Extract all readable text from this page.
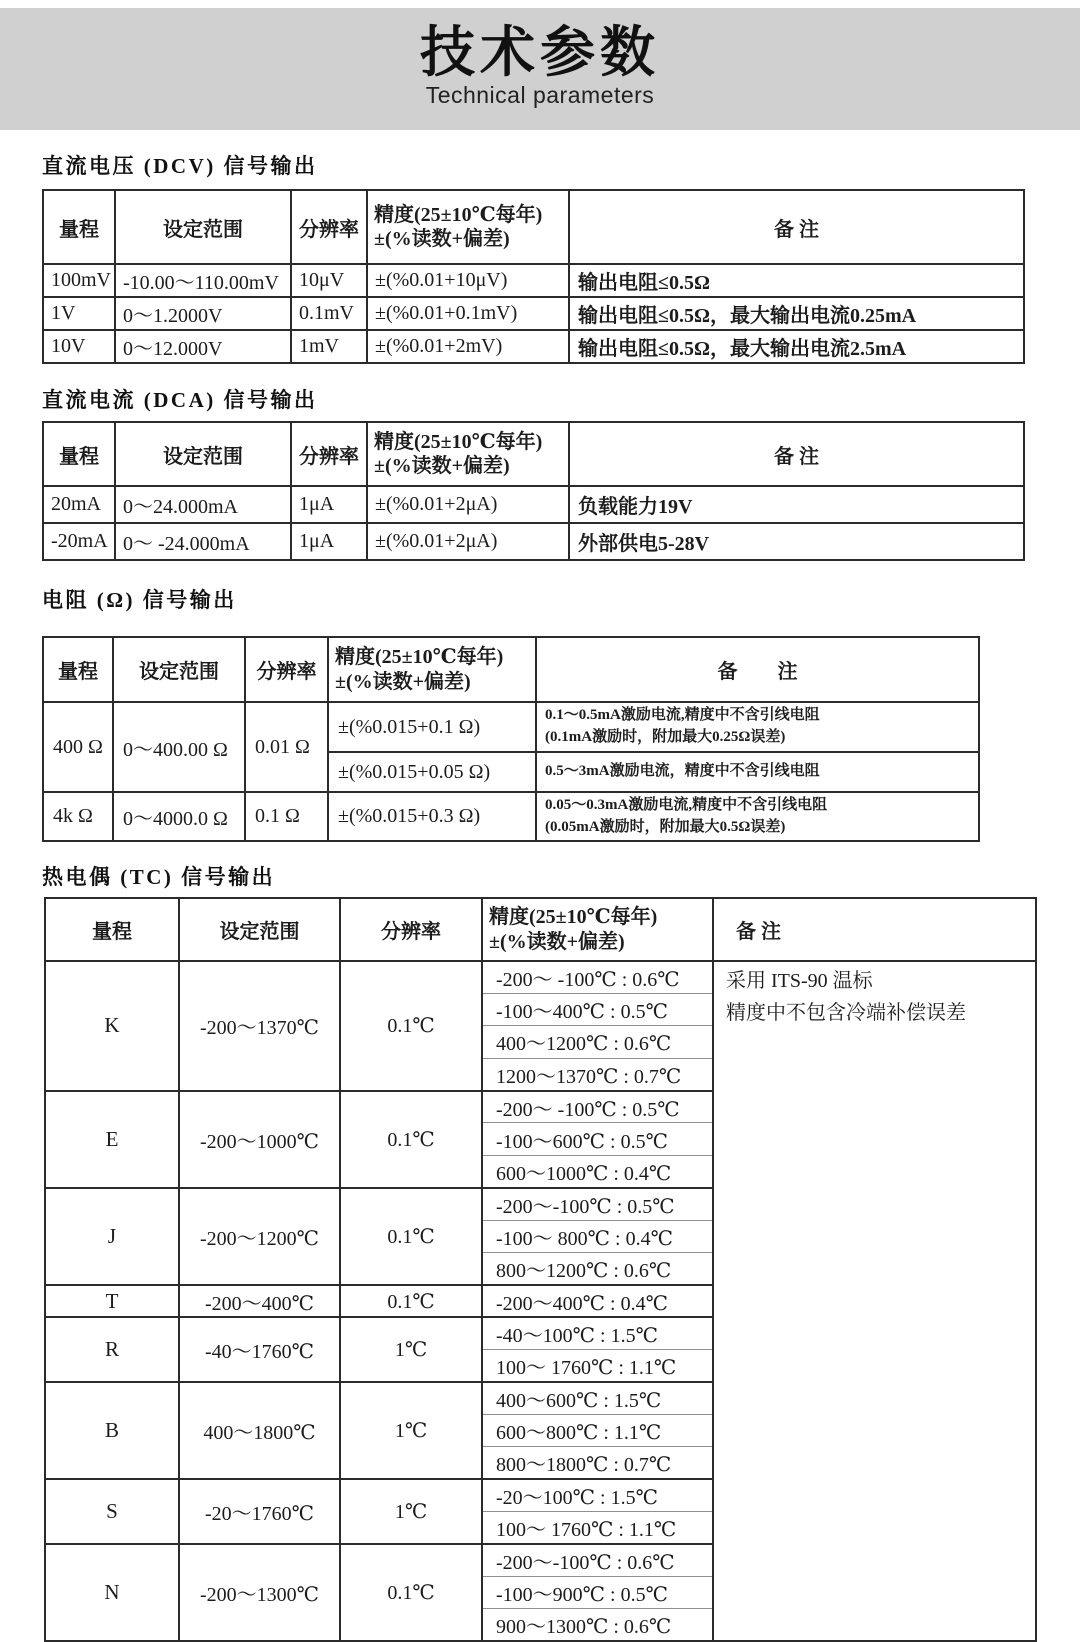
技术参数
Technical parameters
直流电压 (DCV) 信号输出
量程	设定范围	分辨率	精度(25±10℃每年)
±(%读数+偏差)	备 注
100mV	-10.00～110.00mV	10μV	±(%0.01+10μV)	输出电阻≤0.5Ω
1V	0～1.2000V	0.1mV	±(%0.01+0.1mV)	输出电阻≤0.5Ω，最大输出电流0.25mA
10V	0～12.000V	1mV	±(%0.01+2mV)	输出电阻≤0.5Ω，最大输出电流2.5mA
直流电流 (DCA) 信号输出
量程	设定范围	分辨率	精度(25±10℃每年)
±(%读数+偏差)	备 注
20mA	0～24.000mA	1μA	±(%0.01+2μA)	负载能力19V
-20mA	0～ -24.000mA	1μA	±(%0.01+2μA)	外部供电5-28V
电阻 (Ω) 信号输出
量程	设定范围	分辨率	精度(25±10℃每年)
±(%读数+偏差)	备　　注
400 Ω	0～400.00 Ω	0.01 Ω	±(%0.015+0.1 Ω)	0.1～0.5mA激励电流,精度中不含引线电阻
(0.1mA激励时，附加最大0.25Ω误差)

			±(%0.015+0.05 Ω)	0.5～3mA激励电流，精度中不含引线电阻
4k Ω	0～4000.0 Ω	0.1 Ω	±(%0.015+0.3 Ω)	0.05～0.3mA激励电流,精度中不含引线电阻
(0.05mA激励时，附加最大0.5Ω误差)
热电偶 (TC) 信号输出
量程	设定范围	分辨率	精度(25±10℃每年)
±(%读数+偏差)	备 注
K	-200～1370℃	0.1℃	-200～ -100℃ : 0.6℃	采用 ITS-90 温标
精度中不包含冷端补偿误差

			-100～400℃ : 0.5℃	
			400～1200℃ : 0.6℃	
			1200～1370℃ : 0.7℃	
E	-200～1000℃	0.1℃	-200～ -100℃ : 0.5℃	
			-100～600℃ : 0.5℃	
			600～1000℃ : 0.4℃	
J	-200～1200℃	0.1℃	-200～-100℃ : 0.5℃	
			-100～ 800℃ : 0.4℃	
			800～1200℃ : 0.6℃	
T	-200～400℃	0.1℃	-200～400℃ : 0.4℃	
R	-40～1760℃	1℃	-40～100℃ : 1.5℃	
			100～ 1760℃ : 1.1℃	
B	400～1800℃	1℃	400～600℃ : 1.5℃	
			600～800℃ : 1.1℃	
			800～1800℃ : 0.7℃	
S	-20～1760℃	1℃	-20～100℃ : 1.5℃	
			100～ 1760℃ : 1.1℃	
N	-200～1300℃	0.1℃	-200～-100℃ : 0.6℃	
			-100～900℃ : 0.5℃	
			900～1300℃ : 0.6℃	
